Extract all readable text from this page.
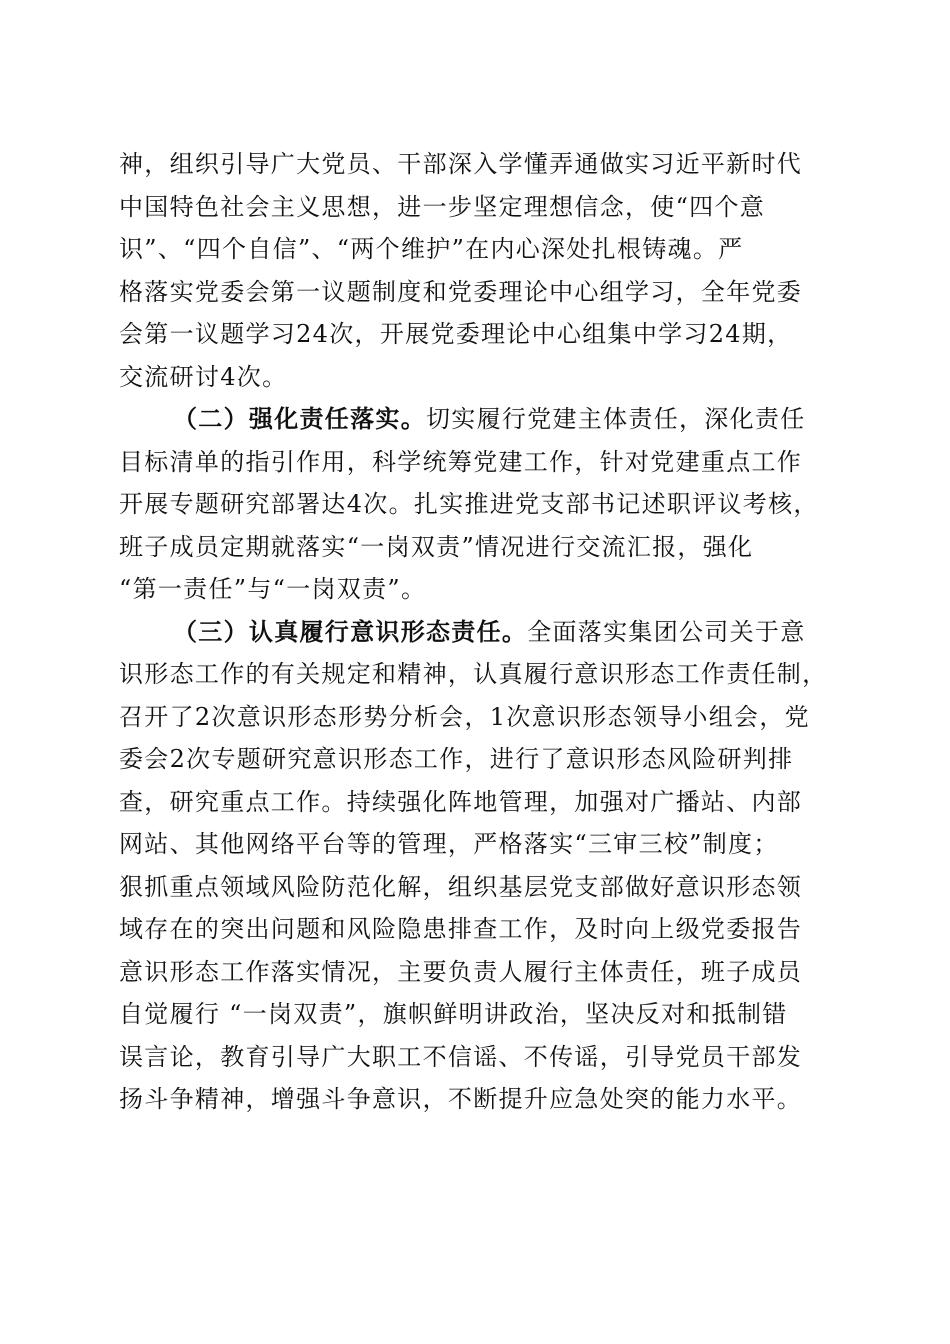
神，组织引导广大党员、干部深入学懂弄通做实习近平新时代
中国特色社会主义思想，进一步坚定理想信念，使“四个意
识”、“四个自信”、“两个维护”在内心深处扎根铸魂。严
格落实党委会第一议题制度和党委理论中心组学习，全年党委
会第一议题学习24次，开展党委理论中心组集中学习24期，
交流研讨4次。
（二）强化责任落实。切实履行党建主体责任，深化责任
目标清单的指引作用，科学统筹党建工作，针对党建重点工作
开展专题研究部署达4次。扎实推进党支部书记述职评议考核，
班子成员定期就落实“一岗双责”情况进行交流汇报，强化
“第一责任”与“一岗双责”。
（三）认真履行意识形态责任。全面落实集团公司关于意
识形态工作的有关规定和精神，认真履行意识形态工作责任制，
召开了2次意识形态形势分析会，1次意识形态领导小组会，党
委会2次专题研究意识形态工作，进行了意识形态风险研判排
查，研究重点工作。持续强化阵地管理，加强对广播站、内部
网站、其他网络平台等的管理，严格落实“三审三校”制度；
狠抓重点领域风险防范化解，组织基层党支部做好意识形态领
域存在的突出问题和风险隐患排查工作，及时向上级党委报告
意识形态工作落实情况，主要负责人履行主体责任，班子成员
自觉履行 “一岗双责”，旗帜鲜明讲政治，坚决反对和抵制错
误言论，教育引导广大职工不信谣、不传谣，引导党员干部发
扬斗争精神，增强斗争意识，不断提升应急处突的能力水平。
